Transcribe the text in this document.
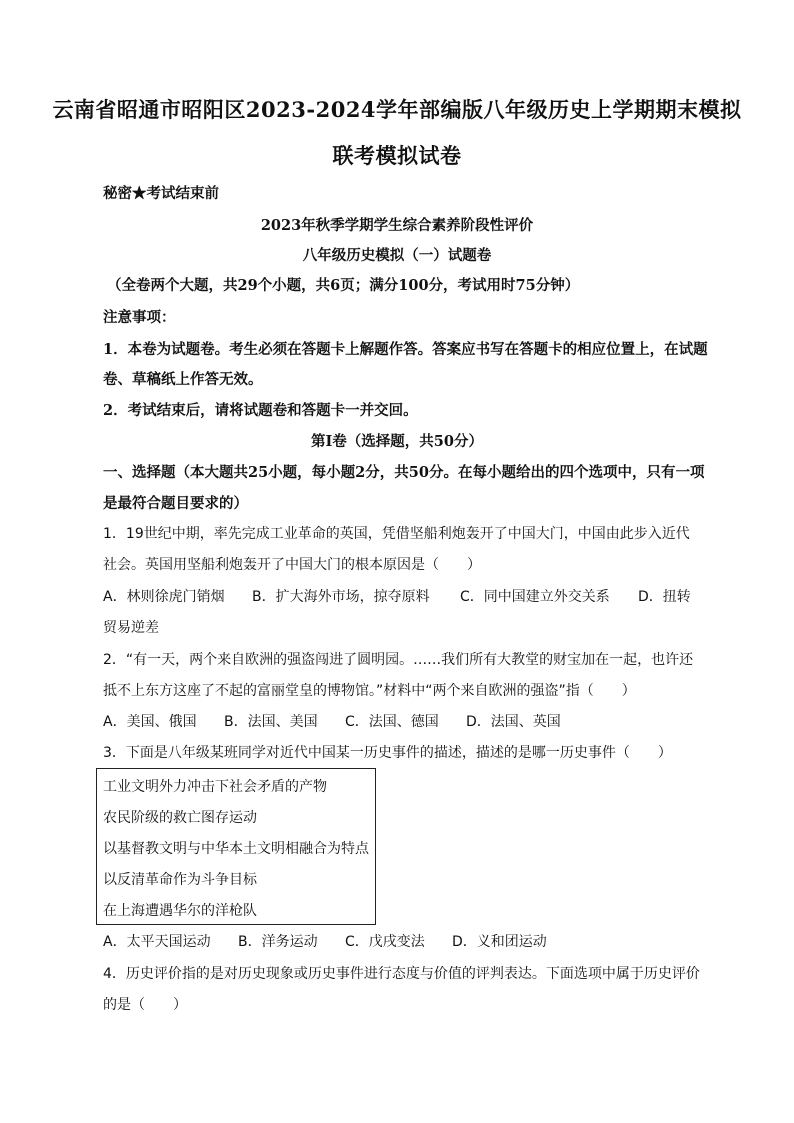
云南省昭通市昭阳区2023-2024学年部编版八年级历史上学期期末模拟
联考模拟试卷
秘密★考试结束前
2023年秋季学期学生综合素养阶段性评价
八年级历史模拟（一）试题卷
（全卷两个大题，共29个小题，共6页；满分100分，考试用时75分钟）
注意事项：
1．本卷为试题卷。考生必须在答题卡上解题作答。答案应书写在答题卡的相应位置上，在试题
卷、草稿纸上作答无效。
2．考试结束后，请将试题卷和答题卡一并交回。
第Ⅰ卷（选择题，共50分）
一、选择题（本大题共25小题，每小题2分，共50分。在每小题给出的四个选项中，只有一项
是最符合题目要求的）
1．19世纪中期，率先完成工业革命的英国，凭借坚船利炮轰开了中国大门，中国由此步入近代
社会。英国用坚船利炮轰开了中国大门的根本原因是（　　）
A．林则徐虎门销烟 B．扩大海外市场，掠夺原料 C．同中国建立外交关系 D．扭转
贸易逆差
2．“有一天，两个来自欧洲的强盗闯进了圆明园。……我们所有大教堂的财宝加在一起，也许还
抵不上东方这座了不起的富丽堂皇的博物馆。”材料中“两个来自欧洲的强盗”指（　　）
A．美国、俄国 B．法国、美国 C．法国、德国 D．法国、英国
3．下面是八年级某班同学对近代中国某一历史事件的描述，描述的是哪一历史事件（　　）
工业文明外力冲击下社会矛盾的产物
农民阶级的救亡图存运动
以基督教文明与中华本土文明相融合为特点
以反清革命作为斗争目标
在上海遭遇华尔的洋枪队
A．太平天国运动 B．洋务运动 C．戊戌变法 D．义和团运动
4．历史评价指的是对历史现象或历史事件进行态度与价值的评判表达。下面选项中属于历史评价
的是（　　）
